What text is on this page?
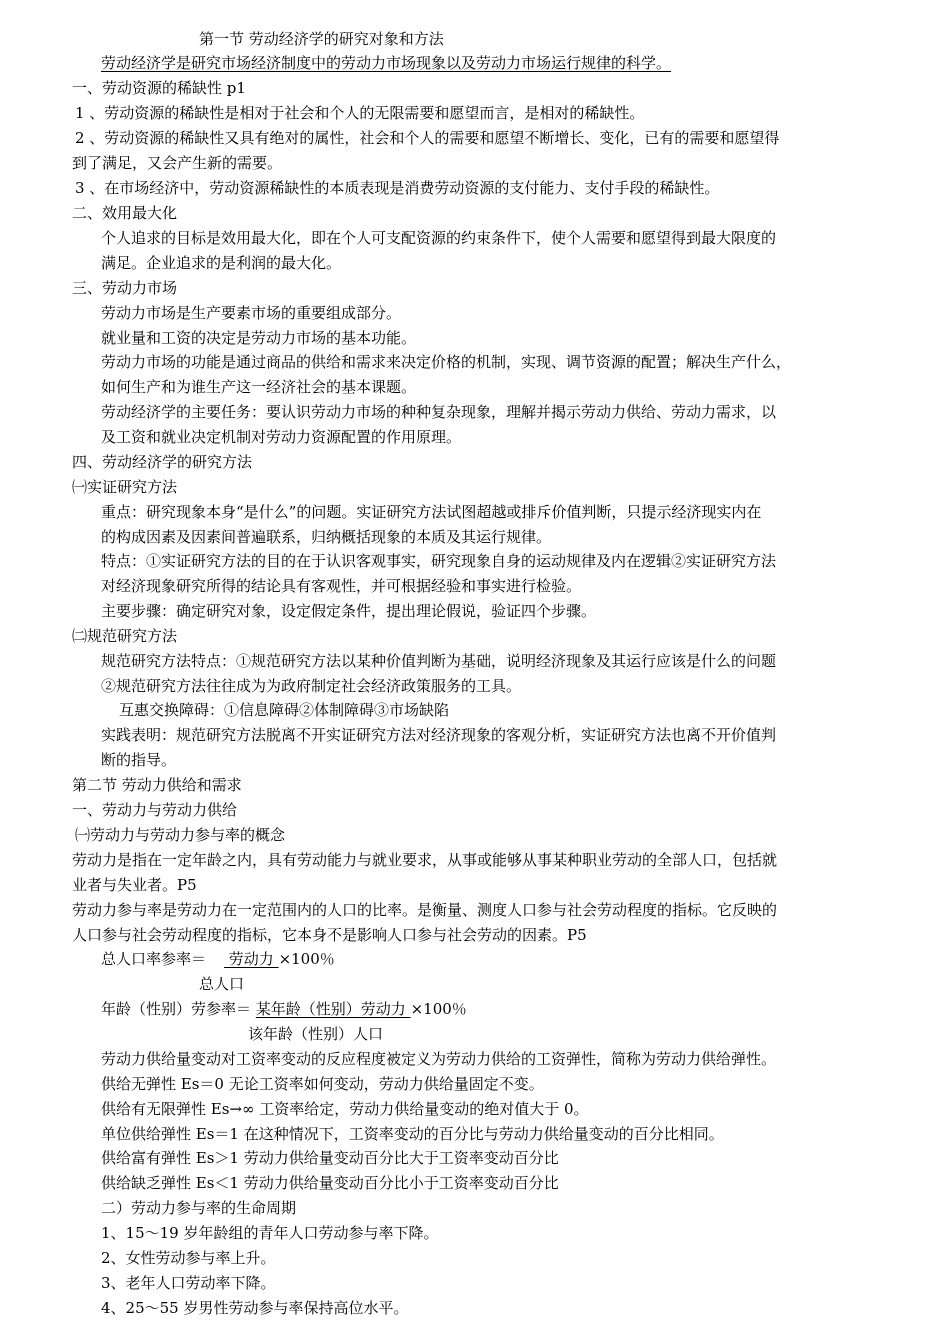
第一节 劳动经济学的研究对象和方法
劳动经济学是研究市场经济制度中的劳动力市场现象以及劳动力市场运行规律的科学。
一、劳动资源的稀缺性 p1
1 、劳动资源的稀缺性是相对于社会和个人的无限需要和愿望而言，是相对的稀缺性。
2 、劳动资源的稀缺性又具有绝对的属性，社会和个人的需要和愿望不断增长、变化，已有的需要和愿望得
到了满足，又会产生新的需要。
3 、在市场经济中，劳动资源稀缺性的本质表现是消费劳动资源的支付能力、支付手段的稀缺性。
二、效用最大化
个人追求的目标是效用最大化，即在个人可支配资源的约束条件下，使个人需要和愿望得到最大限度的
满足。企业追求的是利润的最大化。
三、劳动力市场
劳动力市场是生产要素市场的重要组成部分。
就业量和工资的决定是劳动力市场的基本功能。
劳动力市场的功能是通过商品的供给和需求来决定价格的机制，实现、调节资源的配置；解决生产什么，
如何生产和为谁生产这一经济社会的基本课题。
劳动经济学的主要任务：要认识劳动力市场的种种复杂现象，理解并揭示劳动力供给、劳动力需求，以
及工资和就业决定机制对劳动力资源配置的作用原理。
四、劳动经济学的研究方法
㈠实证研究方法
重点：研究现象本身“是什么”的问题。实证研究方法试图超越或排斥价值判断，只提示经济现实内在
的构成因素及因素间普遍联系，归纳概括现象的本质及其运行规律。
特点：①实证研究方法的目的在于认识客观事实，研究现象自身的运动规律及内在逻辑②实证研究方法
对经济现象研究所得的结论具有客观性，并可根据经验和事实进行检验。
主要步骤：确定研究对象，设定假定条件，提出理论假说，验证四个步骤。
㈡规范研究方法
规范研究方法特点：①规范研究方法以某种价值判断为基础，说明经济现象及其运行应该是什么的问题
②规范研究方法往往成为为政府制定社会经济政策服务的工具。
互惠交换障碍：①信息障碍②体制障碍③市场缺陷
实践表明：规范研究方法脱离不开实证研究方法对经济现象的客观分析，实证研究方法也离不开价值判
断的指导。
第二节 劳动力供给和需求
一、劳动力与劳动力供给
㈠劳动力与劳动力参与率的概念
劳动力是指在一定年龄之内，具有劳动能力与就业要求，从事或能够从事某种职业劳动的全部人口，包括就
业者与失业者。P5
劳动力参与率是劳动力在一定范围内的人口的比率。是衡量、测度人口参与社会劳动程度的指标。它反映的
人口参与社会劳动程度的指标，它本身不是影响人口参与社会劳动的因素。P5
总人口率参率＝ 劳动力 ×100％
总人口
年龄（性别）劳参率＝ 某年龄（性别）劳动力 ×100％
该年龄（性别）人口
劳动力供给量变动对工资率变动的反应程度被定义为劳动力供给的工资弹性，简称为劳动力供给弹性。
供给无弹性 Es＝0 无论工资率如何变动，劳动力供给量固定不变。
供给有无限弹性 Es→∞ 工资率给定，劳动力供给量变动的绝对值大于 0。
单位供给弹性 Es＝1 在这种情况下，工资率变动的百分比与劳动力供给量变动的百分比相同。
供给富有弹性 Es＞1 劳动力供给量变动百分比大于工资率变动百分比
供给缺乏弹性 Es＜1 劳动力供给量变动百分比小于工资率变动百分比
二）劳动力参与率的生命周期
1、15～19 岁年龄组的青年人口劳动参与率下降。
2、女性劳动参与率上升。
3、老年人口劳动率下降。
4、25～55 岁男性劳动参与率保持高位水平。
